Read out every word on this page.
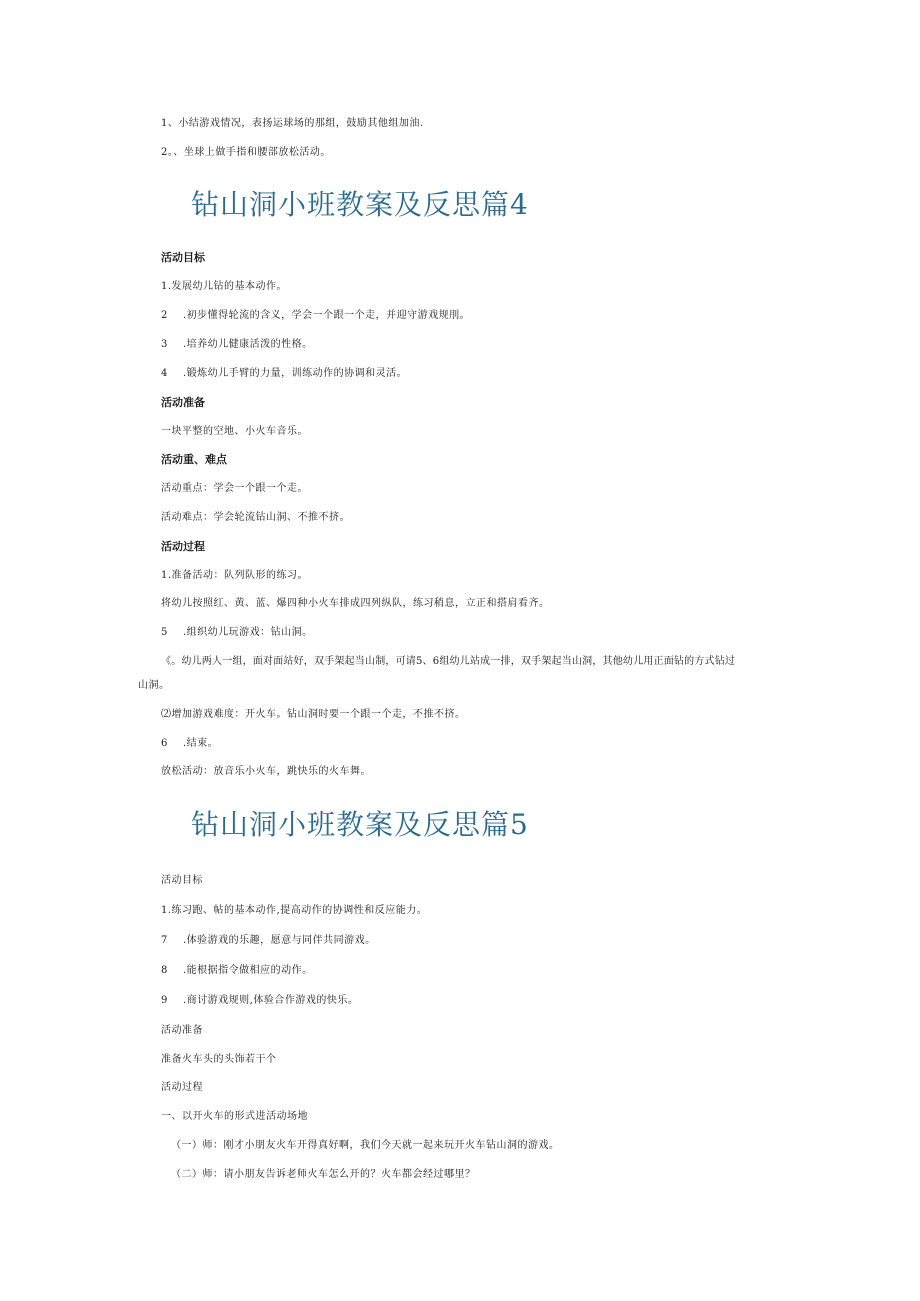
1、小结游戏情况，表扬运球场的那组，鼓励其他组加油.
2。、坐球上做手指和腰部放松活动。
钻山洞小班教案及反思篇4
活动目标
1.发展幼儿钻的基本动作。
2 .初步懂得轮流的含义，学会一个跟一个走，并迎守游戏规刖。
3 .培养幼儿健康活泼的性格。
4 .锻炼幼儿手臂的力量，训练动作的协调和灵活。
活动准备
一块平整的空地、小火车音乐。
活动重、难点
活动重点：学会一个跟一个走。
活动难点：学会轮流钻山洞、不推不挤。
活动过程
1.准备活动：队列队形的练习。
将幼儿按照红、黄、蓝、爆四种小火车排成四列纵队，练习稍息，立正和搭肩看齐。
5 .组织幼儿玩游戏：钻山洞。
《。幼儿两人一组，面对面站好，双手架起当山制，可请5、6组幼儿站成一排，双手架起当山洞，其他幼儿用正面钻的方式钻过
山洞。
⑵增加游戏难度：开火车。钻山洞时要一个跟一个走，不推不挤。
6 .结束。
放松活动：放音乐小火车，跳快乐的火车舞。
钻山洞小班教案及反思篇5
活动目标
1.练习跑、帖的基本动作,提高动作的协调性和反应能力。
7 .体验游戏的乐趣，愿意与同伴共同游戏。
8 .能根据指令做相应的动作。
9 .商讨游戏规则,体验合作游戏的快乐。
活动准备
准备火车头的头饰若干个
活动过程
一、以开火车的形式进活动场地
（一）师：刚才小朋友火车开得真好啊，我们今天就一起来玩开火车钻山洞的游戏。
（二）师：请小朋友告诉老师火车怎么开的？火车都会经过哪里？
